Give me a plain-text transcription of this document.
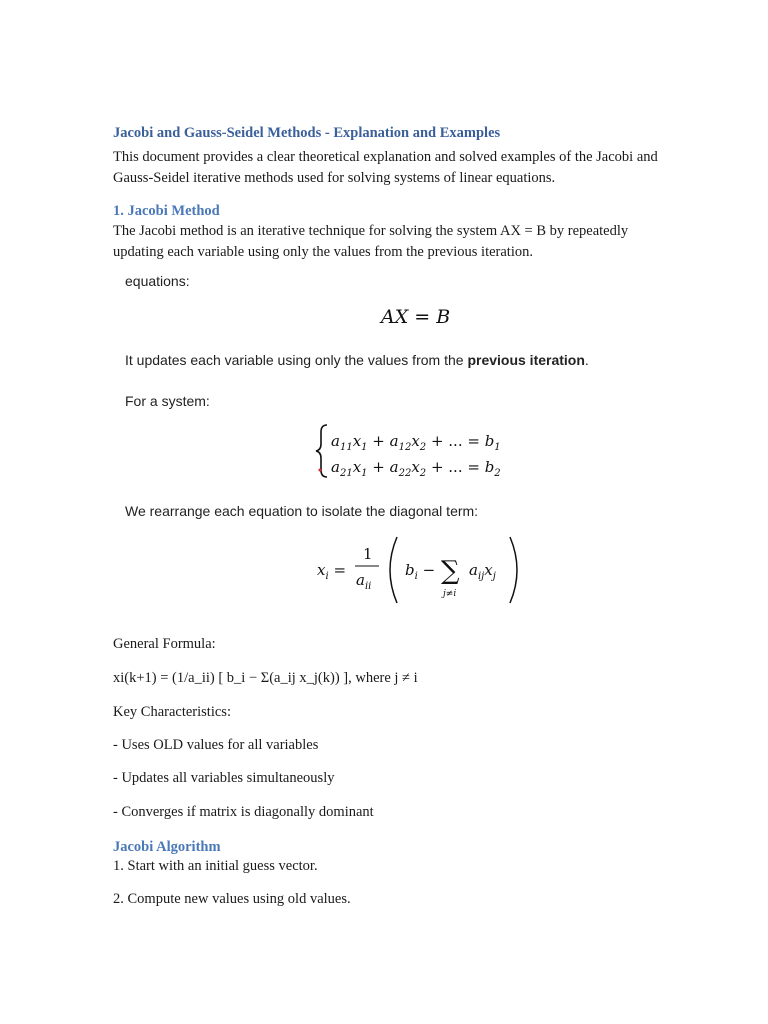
Jacobi and Gauss-Seidel Methods - Explanation and Examples

This document provides a clear theoretical explanation and solved examples of the Jacobi and Gauss-Seidel iterative methods used for solving systems of linear equations.

1. Jacobi Method

The Jacobi method is an iterative technique for solving the system AX = B by repeatedly updating each variable using only the values from the previous iteration.

equations:
AX = B
It updates each variable using only the values from the previous iteration.
For a system:
$a_{11}x_1 + a_{12}x_2$ + ... = $b_1$
$a_{21}x_1 + a_{22}x_2$ + ... = $b_2$
We rearrange each equation to isolate the diagonal term:
$x_i$ =
1
$a_{ii}$
$b_i$ − ∑
j≠i
$a_{ij}x_j$
General Formula:
xi(k+1) = (1/a_ii) [ b_i − Σ(a_ij x_j(k)) ], where j ≠ i
Key Characteristics:
- Uses OLD values for all variables
- Updates all variables simultaneously
- Converges if matrix is diagonally dominant
Jacobi Algorithm
1. Start with an initial guess vector.
2. Compute new values using old values.
